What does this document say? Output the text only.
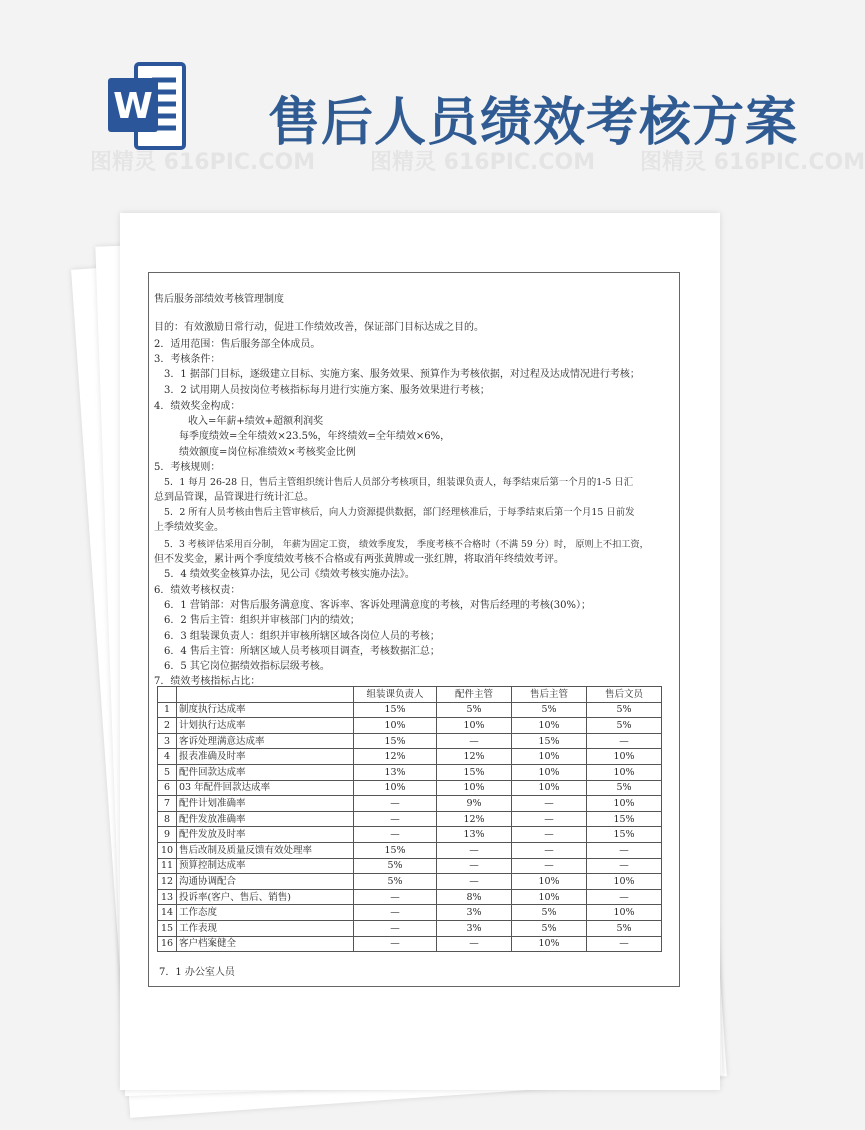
W 售后人员绩效考核方案
图精灵 616PIC.COM 图精灵 616PIC.COM 图精灵 616PIC.COM
售后服务部绩效考核管理制度
目的：有效激励日常行动，促进工作绩效改善，保证部门目标达成之目的。
2．适用范围：售后服务部全体成员。
3．考核条件：
3．1 据部门目标，逐级建立目标、实施方案、服务效果、预算作为考核依据，对过程及达成情况进行考核；
3．2 试用期人员按岗位考核指标每月进行实施方案、服务效果进行考核；
4．绩效奖金构成：
收入=年薪+绩效+超额利润奖
每季度绩效=全年绩效×23.5%，年终绩效=全年绩效×6%，
绩效额度=岗位标准绩效×考核奖金比例
5．考核规则：
5．1 每月 26-28 日，售后主管组织统计售后人员部分考核项目，组装课负责人，每季结束后第一个月的1-5 日汇
总到品管课，品管课进行统计汇总。
5．2 所有人员考核由售后主管审核后，向人力资源提供数据，部门经理核准后，于每季结束后第一个月15 日前发
上季绩效奖金。
5．3 考核评估采用百分制， 年薪为固定工资， 绩效季度发， 季度考核不合格时（不满 59 分）时， 原则上不扣工资，
但不发奖金，累计两个季度绩效考核不合格或有两张黄牌或一张红牌，将取消年终绩效考评。
5．4 绩效奖金核算办法，见公司《绩效考核实施办法》。
6．绩效考核权责：
6．1 营销部：对售后服务满意度、客诉率、客诉处理满意度的考核，对售后经理的考核(30%）；
6．2 售后主管：组织并审核部门内的绩效；
6．3 组装课负责人：组织并审核所辖区域各岗位人员的考核；
6．4 售后主管：所辖区域人员考核项目调查，考核数据汇总；
6．5 其它岗位据绩效指标层级考核。
7．绩效考核指标占比：
		组装课负责人	配件主管	售后主管	售后文员
1	制度执行达成率	15%	5%	5%	5%
2	计划执行达成率	10%	10%	10%	5%
3	客诉处理满意达成率	15%	—	15%	—
4	报表准确及时率	12%	12%	10%	10%
5	配件回款达成率	13%	15%	10%	10%
6	03 年配件回款达成率	10%	10%	10%	5%
7	配件计划准确率	—	9%	—	10%
8	配件发放准确率	—	12%	—	15%
9	配件发放及时率	—	13%	—	15%
10	售后改制及质量反馈有效处理率	15%	—	—	—
11	预算控制达成率	5%	—	—	—
12	沟通协调配合	5%	—	10%	10%
13	投诉率(客户、售后、销售)	—	8%	10%	—
14	工作态度	—	3%	5%	10%
15	工作表现	—	3%	5%	5%
16	客户档案健全	—	—	10%	—
7．1 办公室人员
